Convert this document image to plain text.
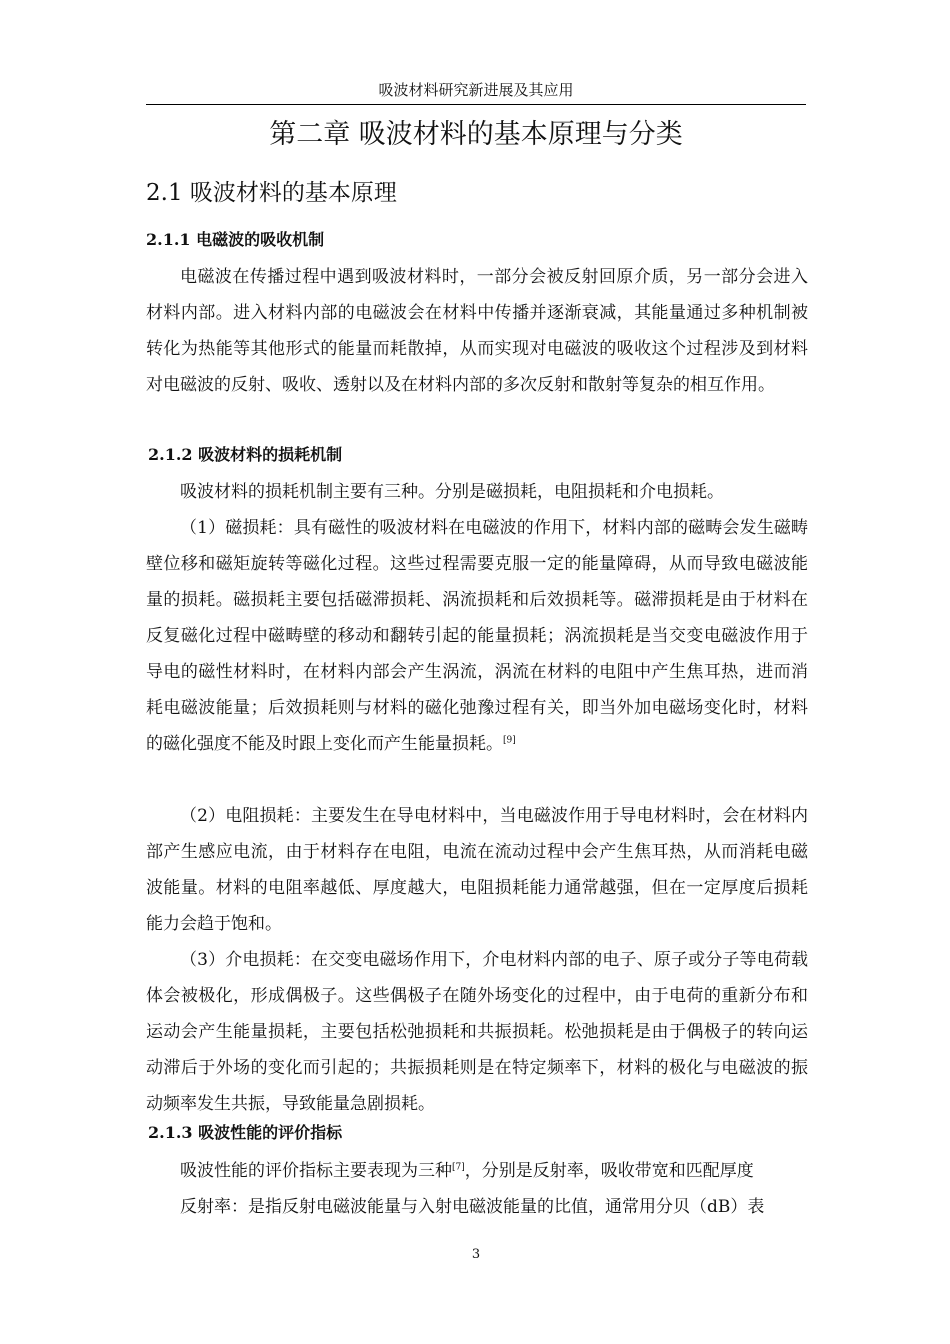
吸波材料研究新进展及其应用
第二章 吸波材料的基本原理与分类
2.1 吸波材料的基本原理
2.1.1 电磁波的吸收机制

电磁波在传播过程中遇到吸波材料时，一部分会被反射回原介质，另一部分会进入材料内部。进入材料内部的电磁波会在材料中传播并逐渐衰减，其能量通过多种机制被转化为热能等其他形式的能量而耗散掉，从而实现对电磁波的吸收这个过程涉及到材料对电磁波的反射、吸收、透射以及在材料内部的多次反射和散射等复杂的相互作用。

2.1.2 吸波材料的损耗机制

吸波材料的损耗机制主要有三种。分别是磁损耗，电阻损耗和介电损耗。

（1）磁损耗：具有磁性的吸波材料在电磁波的作用下，材料内部的磁畴会发生磁畴壁位移和磁矩旋转等磁化过程。这些过程需要克服一定的能量障碍，从而导致电磁波能量的损耗。磁损耗主要包括磁滞损耗、涡流损耗和后效损耗等。磁滞损耗是由于材料在反复磁化过程中磁畴壁的移动和翻转引起的能量损耗；涡流损耗是当交变电磁波作用于导电的磁性材料时，在材料内部会产生涡流，涡流在材料的电阻中产生焦耳热，进而消耗电磁波能量；后效损耗则与材料的磁化弛豫过程有关，即当外加电磁场变化时，材料的磁化强度不能及时跟上变化而产生能量损耗。[9]

（2）电阻损耗：主要发生在导电材料中，当电磁波作用于导电材料时，会在材料内部产生感应电流，由于材料存在电阻，电流在流动过程中会产生焦耳热，从而消耗电磁波能量。材料的电阻率越低、厚度越大，电阻损耗能力通常越强，但在一定厚度后损耗能力会趋于饱和。

（3）介电损耗：在交变电磁场作用下，介电材料内部的电子、原子或分子等电荷载体会被极化，形成偶极子。这些偶极子在随外场变化的过程中，由于电荷的重新分布和运动会产生能量损耗，主要包括松弛损耗和共振损耗。松弛损耗是由于偶极子的转向运动滞后于外场的变化而引起的；共振损耗则是在特定频率下，材料的极化与电磁波的振动频率发生共振，导致能量急剧损耗。

2.1.3 吸波性能的评价指标

吸波性能的评价指标主要表现为三种[7]，分别是反射率，吸收带宽和匹配厚度

反射率：是指反射电磁波能量与入射电磁波能量的比值，通常用分贝（dB）表

3
